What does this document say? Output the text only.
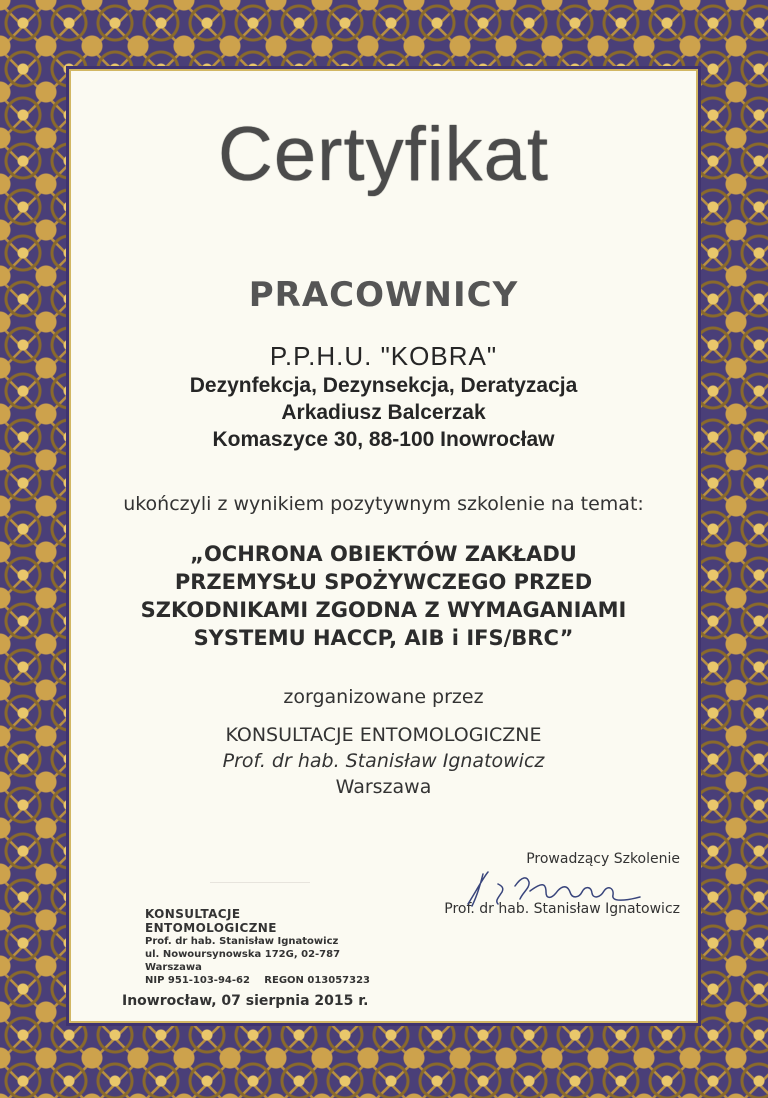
Certyfikat
PRACOWNICY
P.P.H.U. "KOBRA"
Dezynfekcja, Dezynsekcja, Deratyzacja
Arkadiusz Balcerzak
Komaszyce 30, 88-100 Inowrocław
ukończyli z wynikiem pozytywnym szkolenie na temat:
„OCHRONA OBIEKTÓW ZAKŁADU
PRZEMYSŁU SPOŻYWCZEGO PRZED
SZKODNIKAMI ZGODNA Z WYMAGANIAMI
SYSTEMU HACCP, AIB i IFS/BRC”
zorganizowane przez
KONSULTACJE ENTOMOLOGICZNE
Prof. dr hab. Stanisław Ignatowicz
Warszawa
KONSULTACJE ENTOMOLOGICZNE
Prof. dr hab. Stanisław Ignatowicz
ul. Nowoursynowska 172G, 02-787 Warszawa
NIP 951-103-94-62 REGON 013057323
Prowadzący Szkolenie
Prof. dr hab. Stanisław Ignatowicz
Inowrocław, 07 sierpnia 2015 r.
